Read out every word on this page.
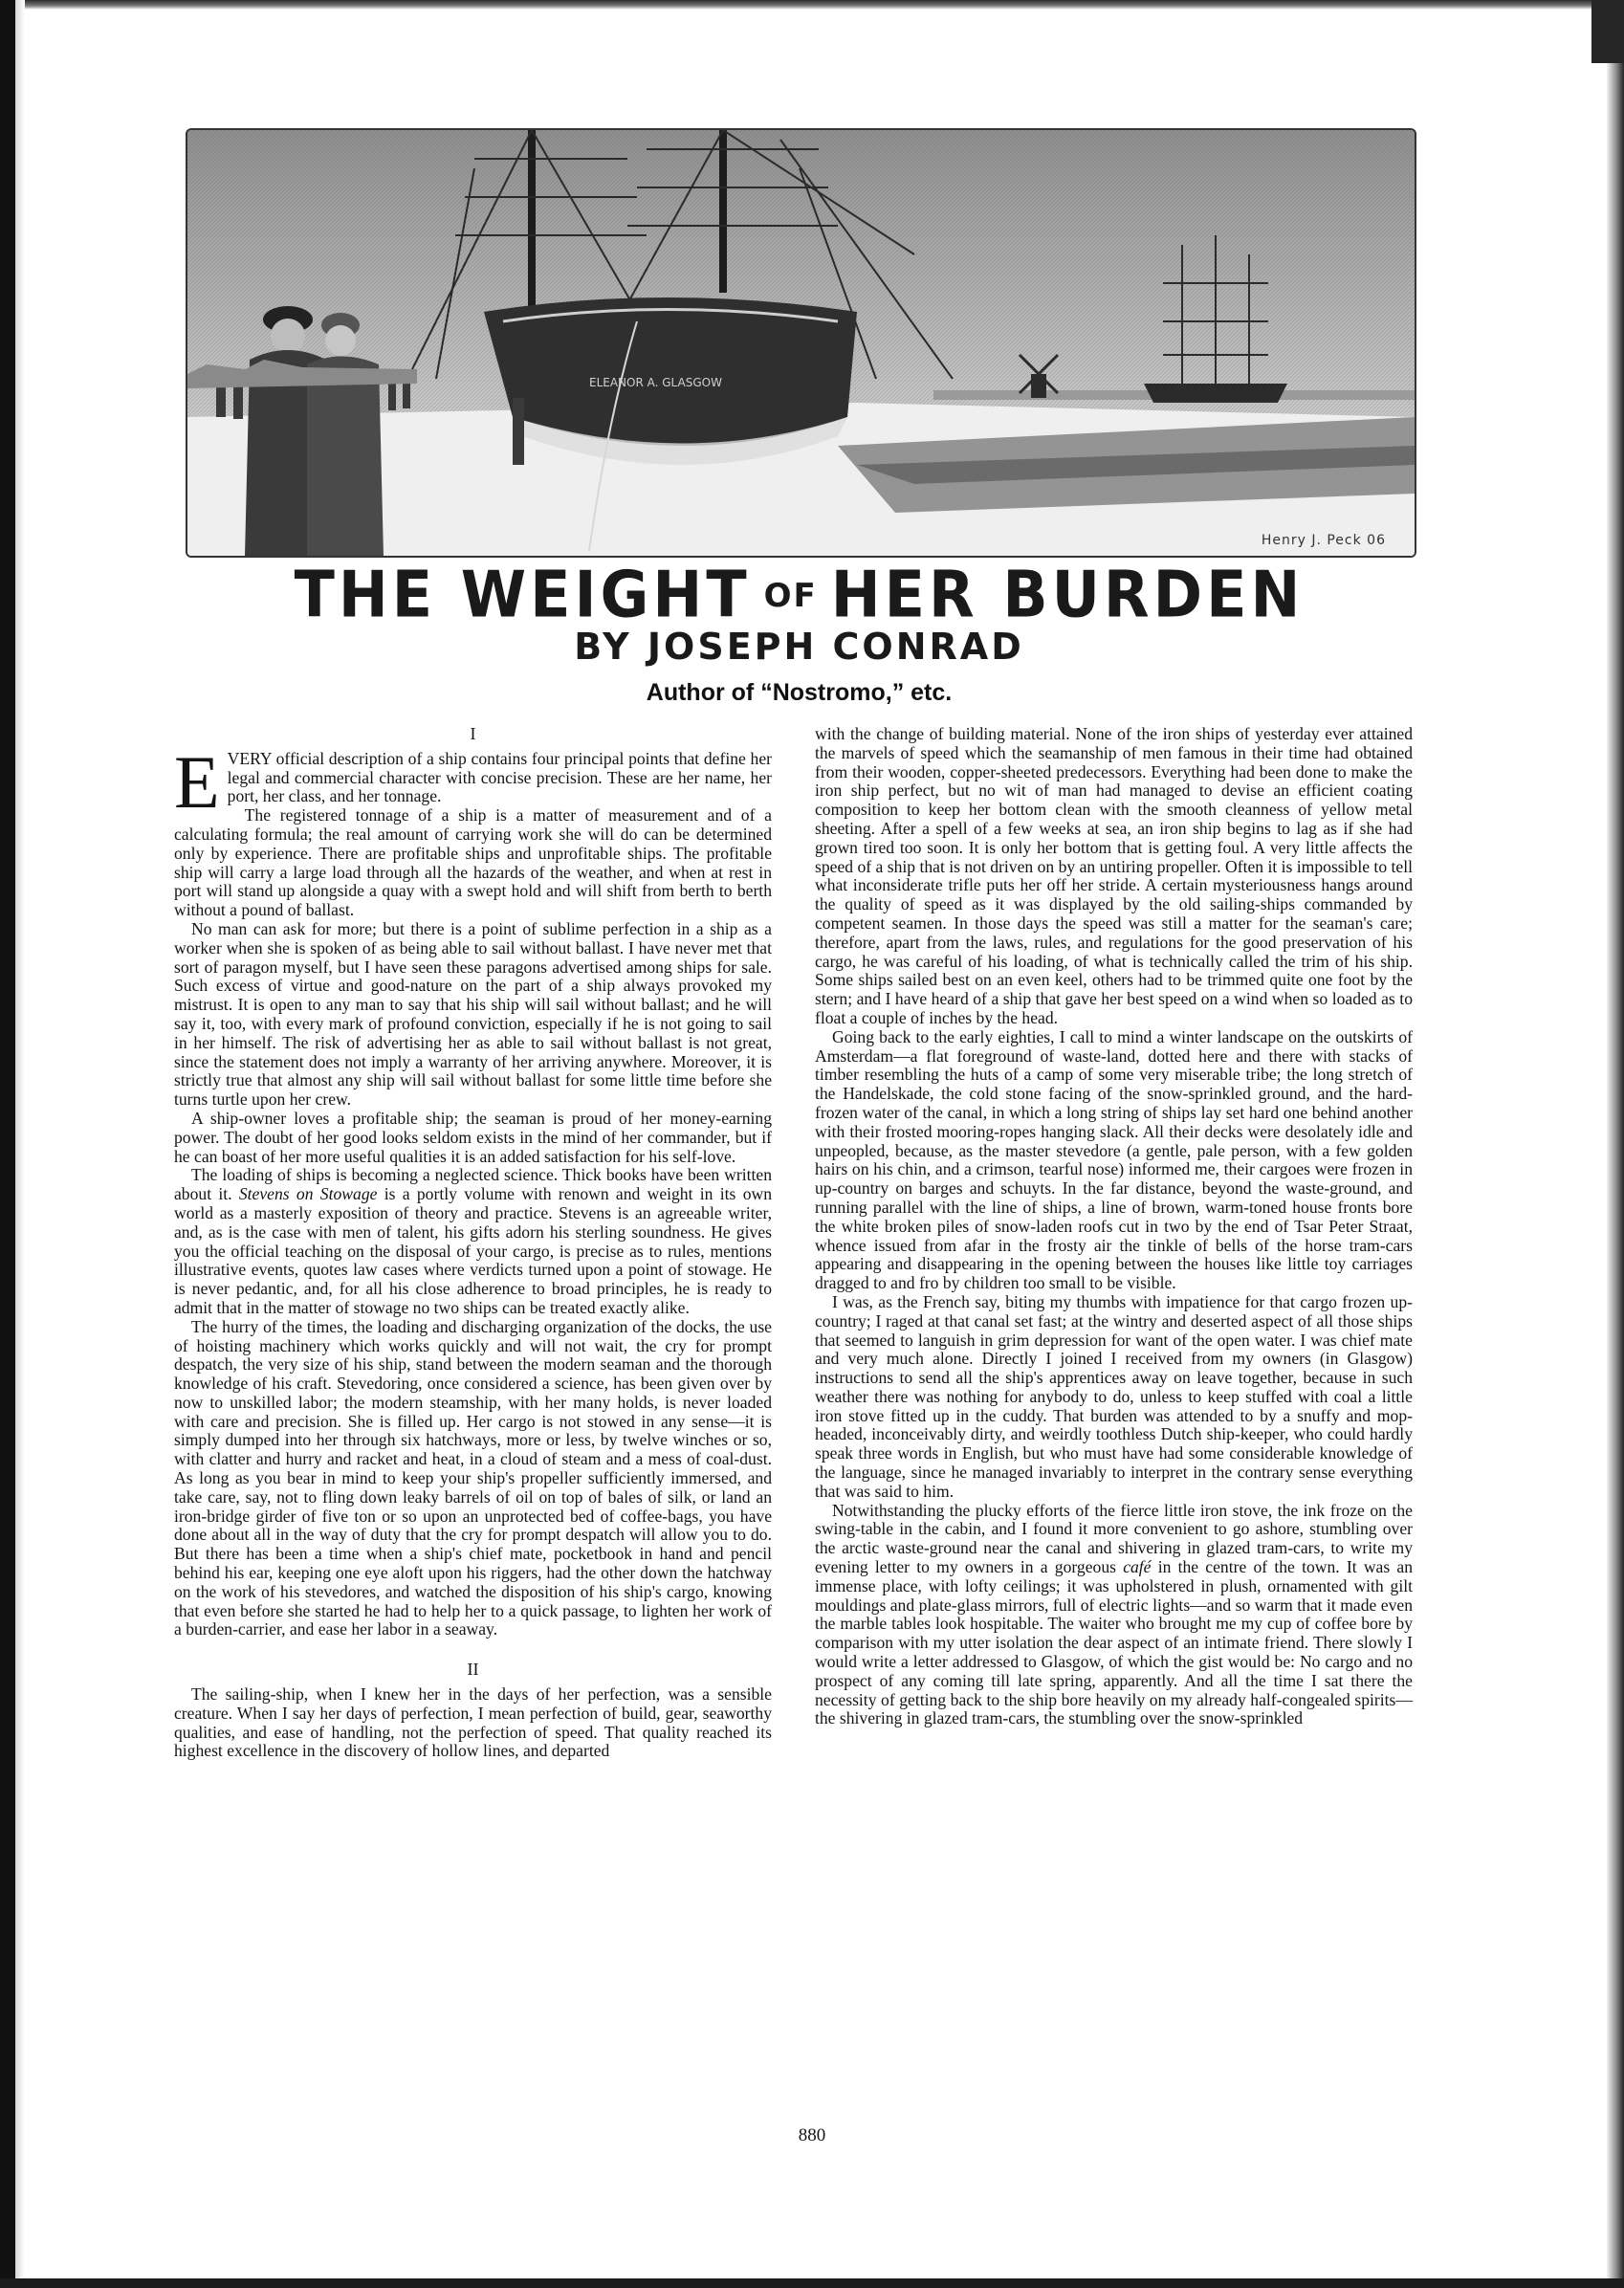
ELEANOR A. GLASGOW
Henry J. Peck 06
THE WEIGHT OF HER BURDEN
BY JOSEPH CONRAD
Author of “Nostromo,” etc.
I

EVERY official description of a ship contains four principal points that define her legal and commercial character with concise precision. These are her name, her port, her class, and her tonnage.

The registered tonnage of a ship is a matter of measurement and of a calculating formula; the real amount of carrying work she will do can be determined only by experience. There are profitable ships and unprofitable ships. The profitable ship will carry a large load through all the hazards of the weather, and when at rest in port will stand up alongside a quay with a swept hold and will shift from berth to berth without a pound of ballast.

No man can ask for more; but there is a point of sublime perfection in a ship as a worker when she is spoken of as being able to sail without ballast. I have never met that sort of paragon myself, but I have seen these paragons advertised among ships for sale. Such excess of virtue and good-nature on the part of a ship always provoked my mistrust. It is open to any man to say that his ship will sail without ballast; and he will say it, too, with every mark of profound conviction, especially if he is not going to sail in her himself. The risk of advertising her as able to sail without ballast is not great, since the statement does not imply a warranty of her arriving anywhere. Moreover, it is strictly true that almost any ship will sail without ballast for some little time before she turns turtle upon her crew.

A ship-owner loves a profitable ship; the seaman is proud of her money-earning power. The doubt of her good looks seldom exists in the mind of her commander, but if he can boast of her more useful qualities it is an added satisfaction for his self-love.

The loading of ships is becoming a neglected science. Thick books have been written about it. Stevens on Stowage is a portly volume with renown and weight in its own world as a masterly exposition of theory and practice. Stevens is an agreeable writer, and, as is the case with men of talent, his gifts adorn his sterling soundness. He gives you the official teaching on the disposal of your cargo, is precise as to rules, mentions illustrative events, quotes law cases where verdicts turned upon a point of stowage. He is never pedantic, and, for all his close adherence to broad principles, he is ready to admit that in the matter of stowage no two ships can be treated exactly alike.

The hurry of the times, the loading and discharging organization of the docks, the use of hoisting machinery which works quickly and will not wait, the cry for prompt despatch, the very size of his ship, stand between the modern seaman and the thorough knowledge of his craft. Stevedoring, once considered a science, has been given over by now to unskilled labor; the modern steamship, with her many holds, is never loaded with care and precision. She is filled up. Her cargo is not stowed in any sense—it is simply dumped into her through six hatchways, more or less, by twelve winches or so, with clatter and hurry and racket and heat, in a cloud of steam and a mess of coal-dust. As long as you bear in mind to keep your ship's propeller sufficiently immersed, and take care, say, not to fling down leaky barrels of oil on top of bales of silk, or land an iron-bridge girder of five ton or so upon an unprotected bed of coffee-bags, you have done about all in the way of duty that the cry for prompt despatch will allow you to do. But there has been a time when a ship's chief mate, pocketbook in hand and pencil behind his ear, keeping one eye aloft upon his riggers, had the other down the hatchway on the work of his stevedores, and watched the disposition of his ship's cargo, knowing that even before she started he had to help her to a quick passage, to lighten her work of a burden-carrier, and ease her labor in a seaway.

II

The sailing-ship, when I knew her in the days of her perfection, was a sensible creature. When I say her days of perfection, I mean perfection of build, gear, seaworthy qualities, and ease of handling, not the perfection of speed. That quality reached its highest excellence in the discovery of hollow lines, and departed

with the change of building material. None of the iron ships of yesterday ever attained the marvels of speed which the seamanship of men famous in their time had obtained from their wooden, copper-sheeted predecessors. Everything had been done to make the iron ship perfect, but no wit of man had managed to devise an efficient coating composition to keep her bottom clean with the smooth cleanness of yellow metal sheeting. After a spell of a few weeks at sea, an iron ship begins to lag as if she had grown tired too soon. It is only her bottom that is getting foul. A very little affects the speed of a ship that is not driven on by an untiring propeller. Often it is impossible to tell what inconsiderate trifle puts her off her stride. A certain mysteriousness hangs around the quality of speed as it was displayed by the old sailing-ships commanded by competent seamen. In those days the speed was still a matter for the seaman's care; therefore, apart from the laws, rules, and regulations for the good preservation of his cargo, he was careful of his loading, of what is technically called the trim of his ship. Some ships sailed best on an even keel, others had to be trimmed quite one foot by the stern; and I have heard of a ship that gave her best speed on a wind when so loaded as to float a couple of inches by the head.

Going back to the early eighties, I call to mind a winter landscape on the outskirts of Amsterdam—a flat foreground of waste-land, dotted here and there with stacks of timber resembling the huts of a camp of some very miserable tribe; the long stretch of the Handelskade, the cold stone facing of the snow-sprinkled ground, and the hard-frozen water of the canal, in which a long string of ships lay set hard one behind another with their frosted mooring-ropes hanging slack. All their decks were desolately idle and unpeopled, because, as the master stevedore (a gentle, pale person, with a few golden hairs on his chin, and a crimson, tearful nose) informed me, their cargoes were frozen in up-country on barges and schuyts. In the far distance, beyond the waste-ground, and running parallel with the line of ships, a line of brown, warm-toned house fronts bore the white broken piles of snow-laden roofs cut in two by the end of Tsar Peter Straat, whence issued from afar in the frosty air the tinkle of bells of the horse tram-cars appearing and disappearing in the opening between the houses like little toy carriages dragged to and fro by children too small to be visible.

I was, as the French say, biting my thumbs with impatience for that cargo frozen up-country; I raged at that canal set fast; at the wintry and deserted aspect of all those ships that seemed to languish in grim depression for want of the open water. I was chief mate and very much alone. Directly I joined I received from my owners (in Glasgow) instructions to send all the ship's apprentices away on leave together, because in such weather there was nothing for anybody to do, unless to keep stuffed with coal a little iron stove fitted up in the cuddy. That burden was attended to by a snuffy and mop-headed, inconceivably dirty, and weirdly toothless Dutch ship-keeper, who could hardly speak three words in English, but who must have had some considerable knowledge of the language, since he managed invariably to interpret in the contrary sense everything that was said to him.

Notwithstanding the plucky efforts of the fierce little iron stove, the ink froze on the swing-table in the cabin, and I found it more convenient to go ashore, stumbling over the arctic waste-ground near the canal and shivering in glazed tram-cars, to write my evening letter to my owners in a gorgeous café in the centre of the town. It was an immense place, with lofty ceilings; it was upholstered in plush, ornamented with gilt mouldings and plate-glass mirrors, full of electric lights—and so warm that it made even the marble tables look hospitable. The waiter who brought me my cup of coffee bore by comparison with my utter isolation the dear aspect of an intimate friend. There slowly I would write a letter addressed to Glasgow, of which the gist would be: No cargo and no prospect of any coming till late spring, apparently. And all the time I sat there the necessity of getting back to the ship bore heavily on my already half-congealed spirits—the shivering in glazed tram-cars, the stumbling over the snow-sprinkled

880
